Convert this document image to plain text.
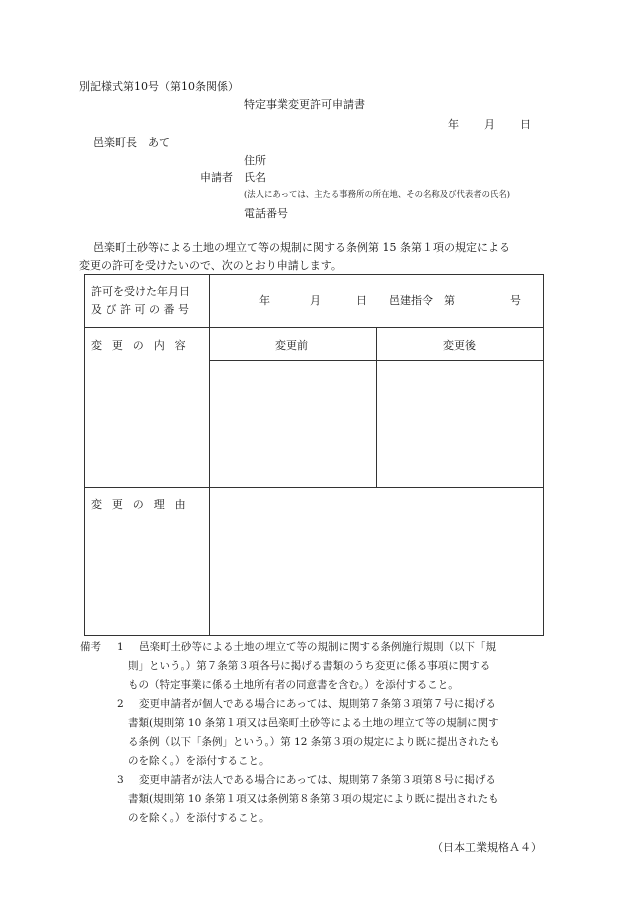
別記様式第10号（第10条関係）
特定事業変更許可申請書
年 月 日
邑楽町長　あて
住所
申請者 氏名
(法人にあっては、主たる事務所の所在地、その名称及び代表者の氏名)
電話番号
邑楽町土砂等による土地の埋立て等の規制に関する条例第 15 条第１項の規定による
変更の許可を受けたいので、次のとおり申請します。
許可を受けた年月日
及 び 許 可 の 番 号
年	月	日 邑建指令　第	号
変更の内容	変更前	変更後
変更の理由
備考 1 邑楽町土砂等による土地の埋立て等の規制に関する条例施行規則（以下「規
則」という。）第７条第３項各号に掲げる書類のうち変更に係る事項に関する
もの（特定事業に係る土地所有者の同意書を含む。）を添付すること。
2 変更申請者が個人である場合にあっては、規則第７条第３項第７号に掲げる
書類(規則第 10 条第１項又は邑楽町土砂等による土地の埋立て等の規制に関す
る条例（以下「条例」という。）第 12 条第３項の規定により既に提出されたも
のを除く。）を添付すること。
3 変更申請者が法人である場合にあっては、規則第７条第３項第８号に掲げる
書類(規則第 10 条第１項又は条例第８条第３項の規定により既に提出されたも
のを除く。）を添付すること。
（日本工業規格Ａ４）
